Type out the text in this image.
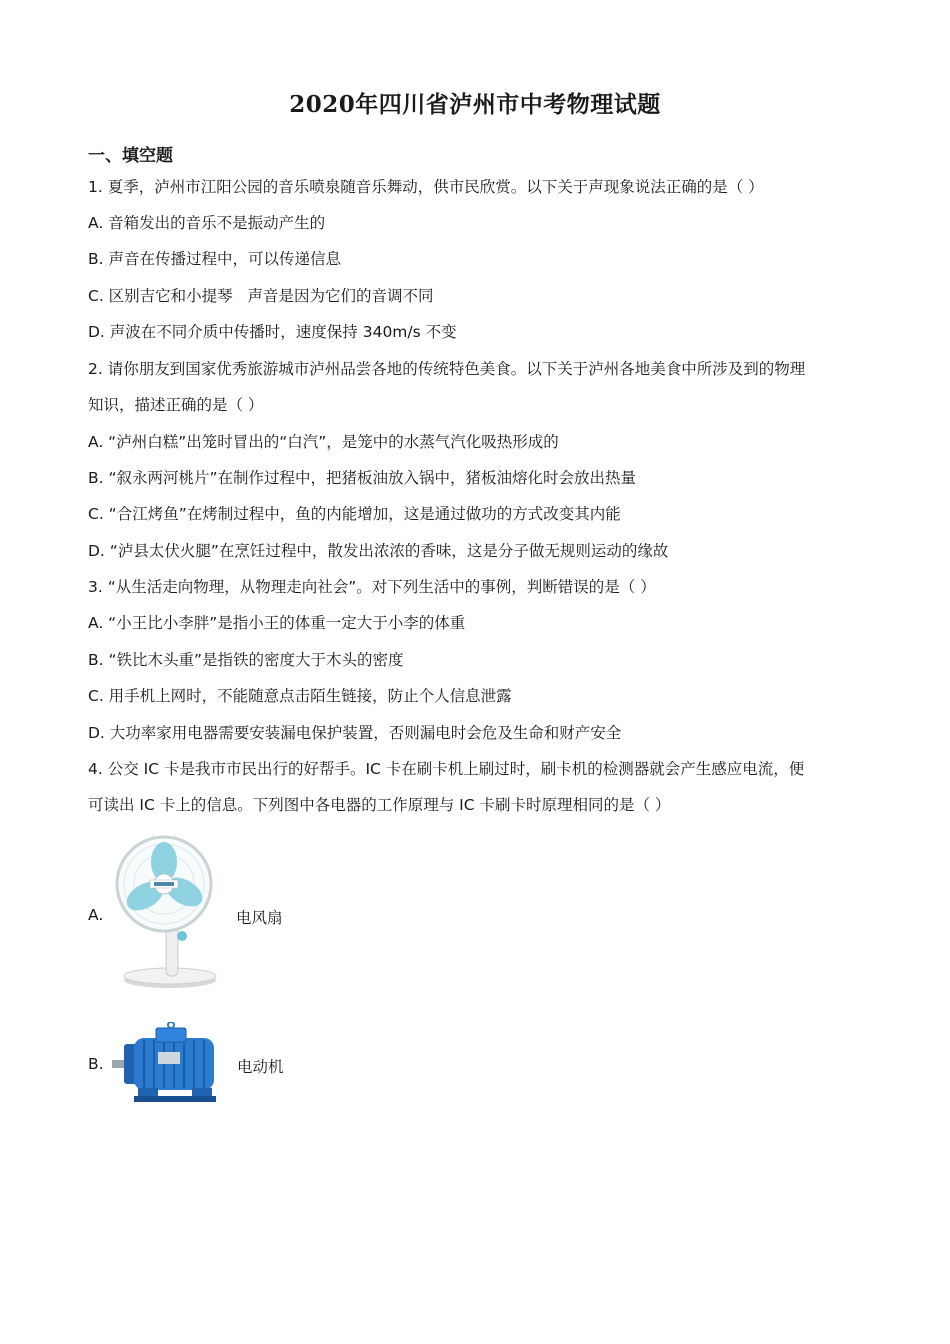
2020年四川省泸州市中考物理试题
一、填空题
1. 夏季，泸州市江阳公园的音乐喷泉随音乐舞动，供市民欣赏。以下关于声现象说法正确的是（ ）
A. 音箱发出的音乐不是振动产生的
B. 声音在传播过程中，可以传递信息
C. 区别吉它和小提琴   声音是因为它们的音调不同
D. 声波在不同介质中传播时，速度保持 340m/s 不变
2. 请你朋友到国家优秀旅游城市泸州品尝各地的传统特色美食。以下关于泸州各地美食中所涉及到的物理
知识，描述正确的是（ ）
A. “泸州白糕”出笼时冒出的“白汽”，是笼中的水蒸气汽化吸热形成的
B. “叙永两河桃片”在制作过程中，把猪板油放入锅中，猪板油熔化时会放出热量
C. “合江烤鱼”在烤制过程中，鱼的内能增加，这是通过做功的方式改变其内能
D. “泸县太伏火腿”在烹饪过程中，散发出浓浓的香味，这是分子做无规则运动的缘故
3. “从生活走向物理，从物理走向社会”。对下列生活中的事例，判断错误的是（ ）
A. “小王比小李胖”是指小王的体重一定大于小李的体重
B. “铁比木头重”是指铁的密度大于木头的密度
C. 用手机上网时，不能随意点击陌生链接，防止个人信息泄露
D. 大功率家用电器需要安装漏电保护装置，否则漏电时会危及生命和财产安全
4. 公交 IC 卡是我市市民出行的好帮手。IC 卡在刷卡机上刷过时，刷卡机的检测器就会产生感应电流，便
可读出 IC 卡上的信息。下列图中各电器的工作原理与 IC 卡刷卡时原理相同的是（ ）
A.	电风扇
B.	电动机
